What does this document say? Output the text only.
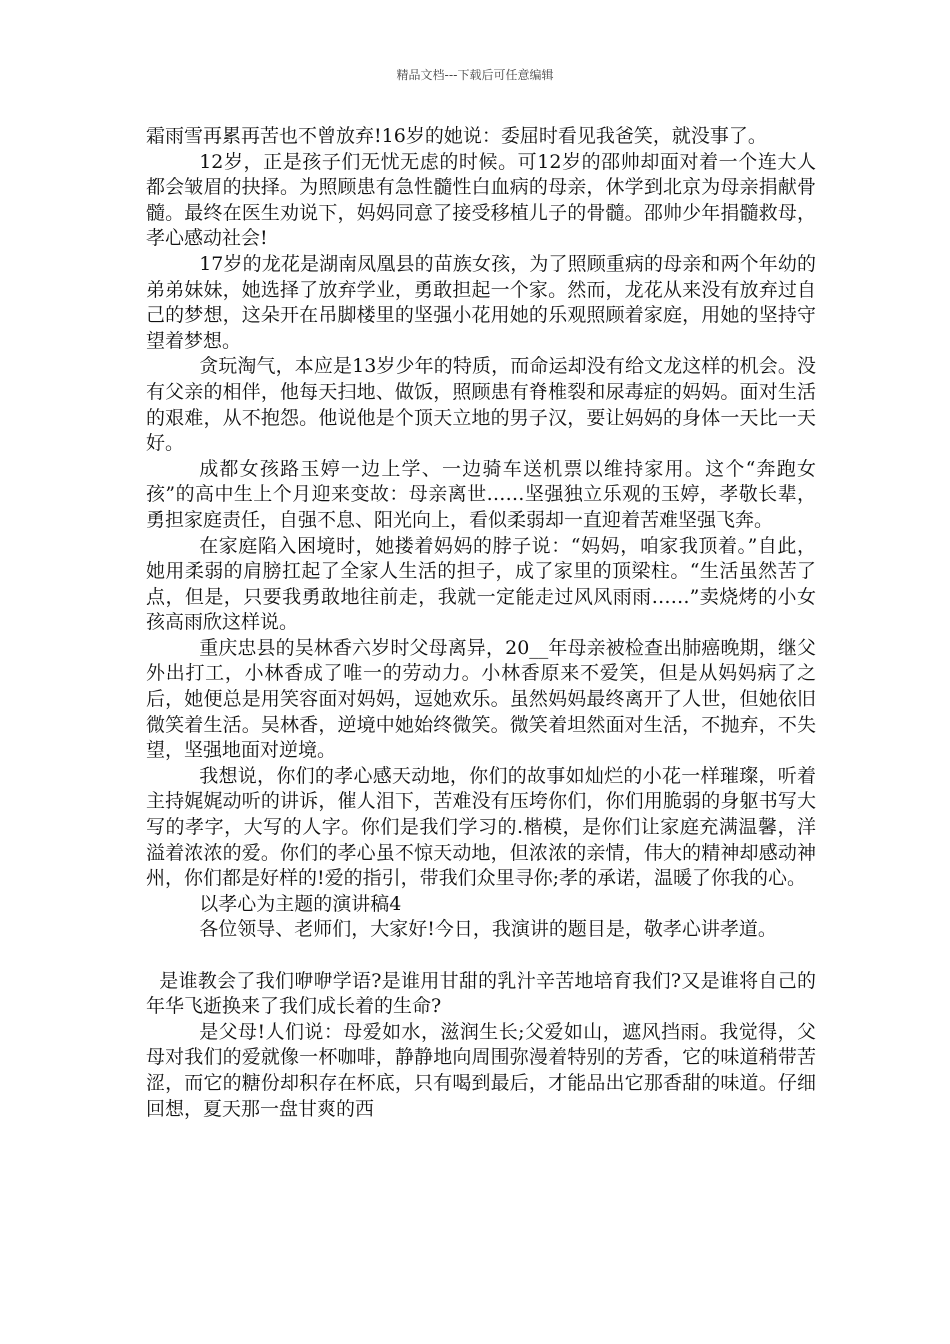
精品文档---下载后可任意编辑

霜雨雪再累再苦也不曾放弃!16岁的她说：委屈时看见我爸笑，就没事了。

12岁，正是孩子们无忧无虑的时候。可12岁的邵帅却面对着一个连大人都会皱眉的抉择。为照顾患有急性髓性白血病的母亲，休学到北京为母亲捐献骨髓。最终在医生劝说下，妈妈同意了接受移植儿子的骨髓。邵帅少年捐髓救母，孝心感动社会!

17岁的龙花是湖南凤凰县的苗族女孩，为了照顾重病的母亲和两个年幼的弟弟妹妹，她选择了放弃学业，勇敢担起一个家。然而，龙花从来没有放弃过自己的梦想，这朵开在吊脚楼里的坚强小花用她的乐观照顾着家庭，用她的坚持守望着梦想。

贪玩淘气，本应是13岁少年的特质，而命运却没有给文龙这样的机会。没有父亲的相伴，他每天扫地、做饭，照顾患有脊椎裂和尿毒症的妈妈。面对生活的艰难，从不抱怨。他说他是个顶天立地的男子汉，要让妈妈的身体一天比一天好。

成都女孩路玉婷一边上学、一边骑车送机票以维持家用。这个“奔跑女孩”的高中生上个月迎来变故：母亲离世……坚强独立乐观的玉婷，孝敬长辈，勇担家庭责任，自强不息、阳光向上，看似柔弱却一直迎着苦难坚强飞奔。

在家庭陷入困境时，她搂着妈妈的脖子说：“妈妈，咱家我顶着。”自此，她用柔弱的肩膀扛起了全家人生活的担子，成了家里的顶梁柱。“生活虽然苦了点，但是，只要我勇敢地往前走，我就一定能走过风风雨雨……”卖烧烤的小女孩高雨欣这样说。

重庆忠县的吴林香六岁时父母离异，20__年母亲被检查出肺癌晚期，继父外出打工，小林香成了唯一的劳动力。小林香原来不爱笑，但是从妈妈病了之后，她便总是用笑容面对妈妈，逗她欢乐。虽然妈妈最终离开了人世，但她依旧微笑着生活。吴林香，逆境中她始终微笑。微笑着坦然面对生活，不抛弃，不失望，坚强地面对逆境。

我想说，你们的孝心感天动地，你们的故事如灿烂的小花一样璀璨，听着主持娓娓动听的讲诉，催人泪下，苦难没有压垮你们，你们用脆弱的身躯书写大写的孝字，大写的人字。你们是我们学习的.楷模，是你们让家庭充满温馨，洋溢着浓浓的爱。你们的孝心虽不惊天动地，但浓浓的亲情，伟大的精神却感动神州，你们都是好样的!爱的指引，带我们众里寻你;孝的承诺，温暖了你我的心。

以孝心为主题的演讲稿4

各位领导、老师们，大家好!今日，我演讲的题目是，敬孝心讲孝道。

是谁教会了我们咿咿学语?是谁用甘甜的乳汁辛苦地培育我们?又是谁将自己的年华飞逝换来了我们成长着的生命?

是父母!人们说：母爱如水，滋润生长;父爱如山，遮风挡雨。我觉得，父母对我们的爱就像一杯咖啡，静静地向周围弥漫着特别的芳香，它的味道稍带苦涩，而它的糖份却积存在杯底，只有喝到最后，才能品出它那香甜的味道。仔细回想，夏天那一盘甘爽的西
